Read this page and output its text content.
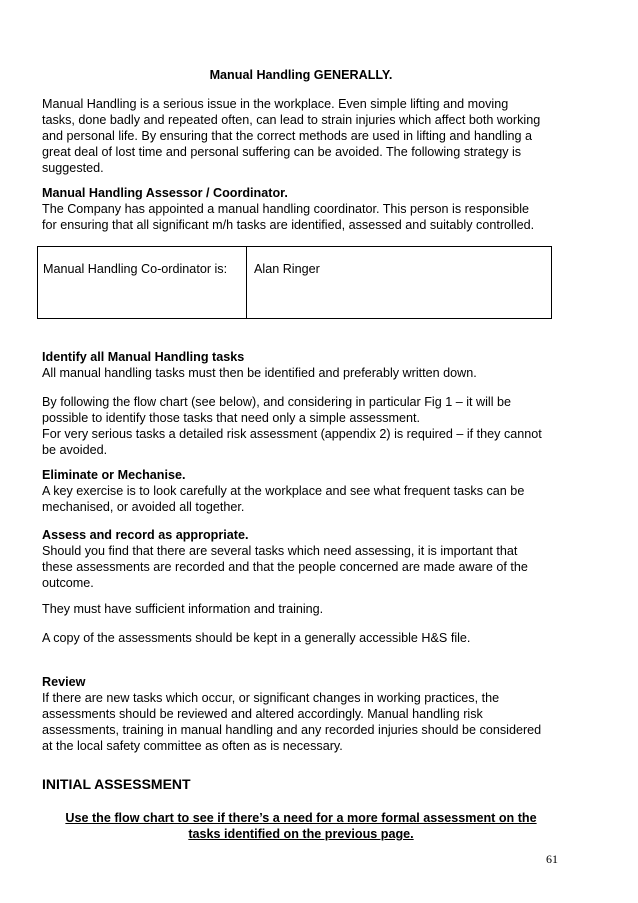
Manual Handling GENERALLY.

Manual Handling is a serious issue in the workplace. Even simple lifting and moving

tasks, done badly and repeated often, can lead to strain injuries which affect both working

and personal life. By ensuring that the correct methods are used in lifting and handling a

great deal of lost time and personal suffering can be avoided. The following strategy is

suggested.

Manual Handling Assessor / Coordinator.

The Company has appointed a manual handling coordinator. This person is responsible

for ensuring that all significant m/h tasks are identified, assessed and suitably controlled.

Manual Handling Co-ordinator is: Alan Ringer

Identify all Manual Handling tasks

All manual handling tasks must then be identified and preferably written down.

By following the flow chart (see below), and considering in particular Fig 1 – it will be

possible to identify those tasks that need only a simple assessment.

For very serious tasks a detailed risk assessment (appendix 2) is required – if they cannot

be avoided.

Eliminate or Mechanise.

A key exercise is to look carefully at the workplace and see what frequent tasks can be

mechanised, or avoided all together.

Assess and record as appropriate.

Should you find that there are several tasks which need assessing, it is important that

these assessments are recorded and that the people concerned are made aware of the

outcome.

They must have sufficient information and training.

A copy of the assessments should be kept in a generally accessible H&S file.

Review

If there are new tasks which occur, or significant changes in working practices, the

assessments should be reviewed and altered accordingly. Manual handling risk

assessments, training in manual handling and any recorded injuries should be considered

at the local safety committee as often as is necessary.

INITIAL ASSESSMENT

Use the flow chart to see if there’s a need for a more formal assessment on the

tasks identified on the previous page.

61
